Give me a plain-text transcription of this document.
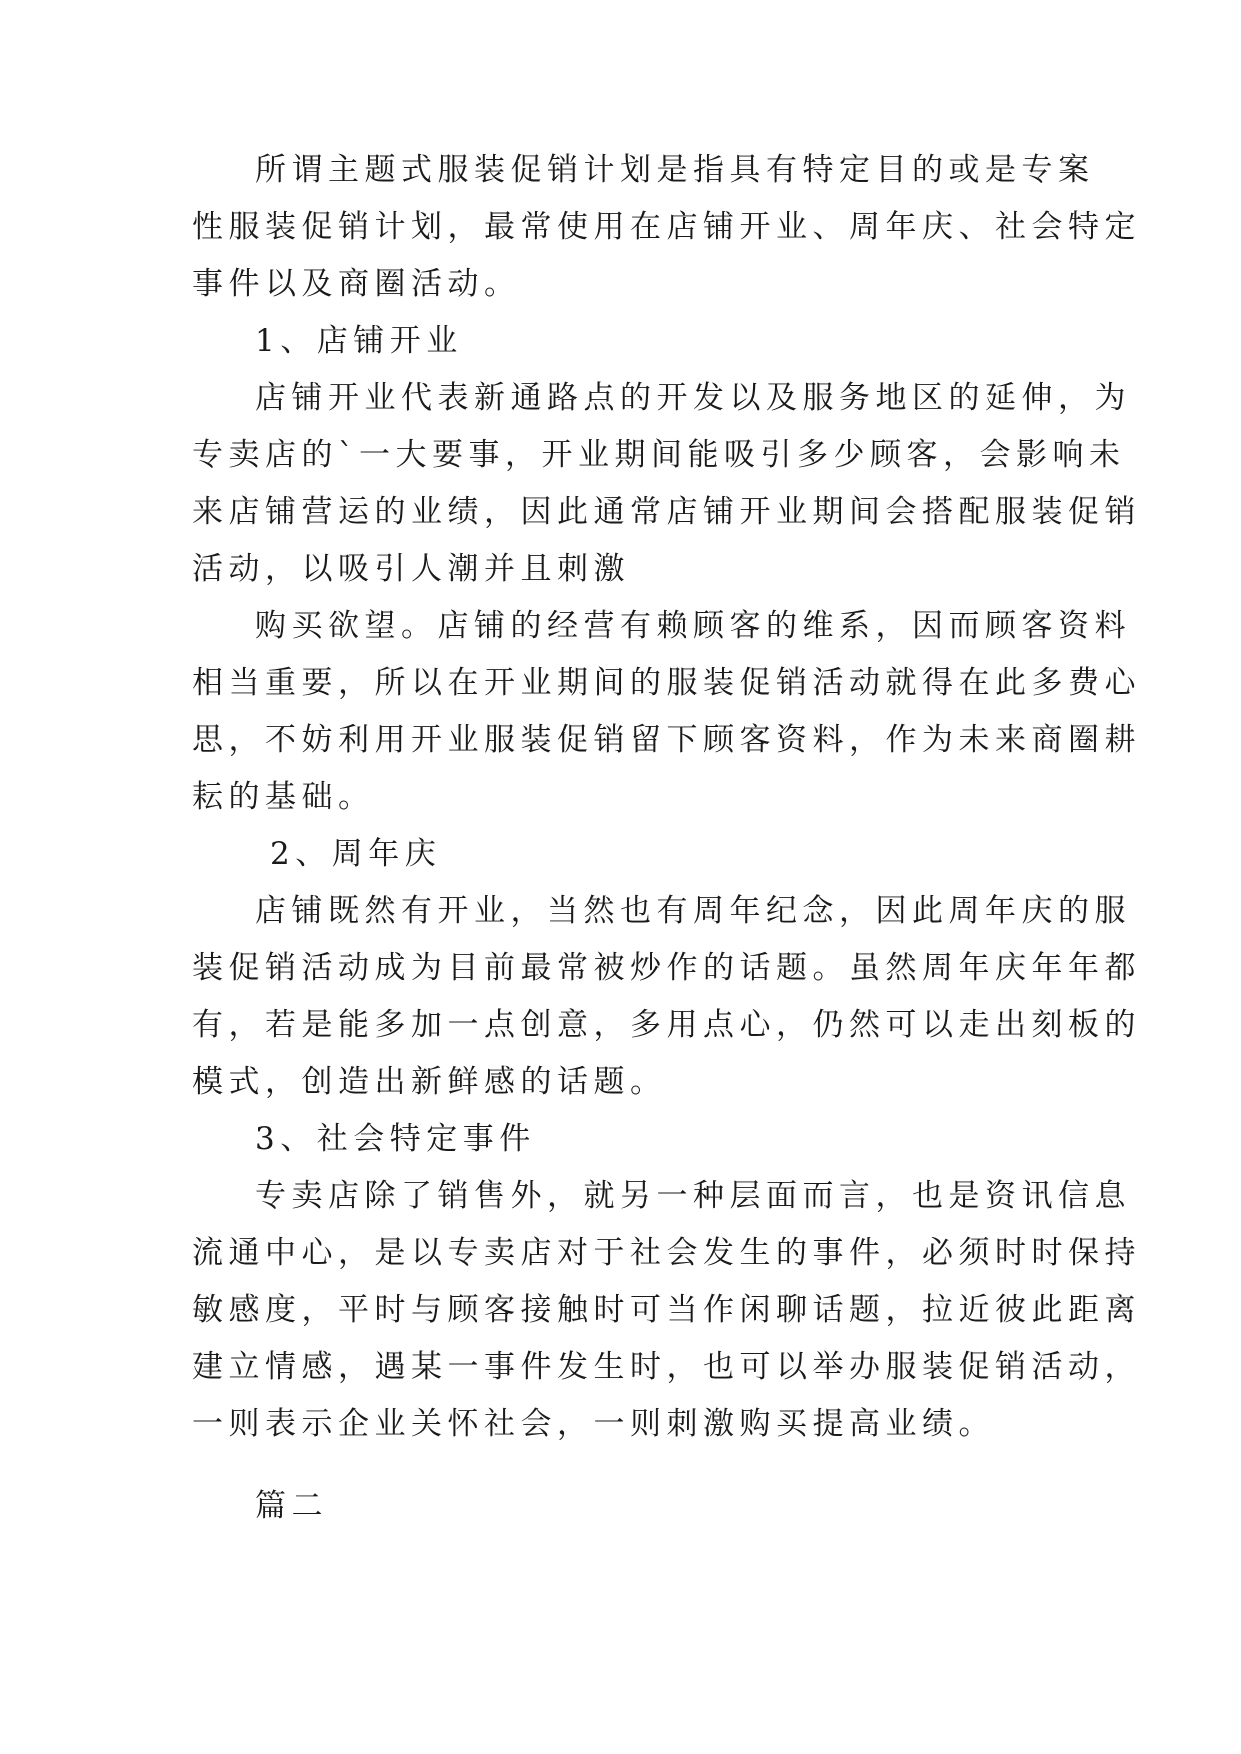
所谓主题式服装促销计划是指具有特定目的或是专案

性服装促销计划，最常使用在店铺开业、周年庆、社会特定

事件以及商圈活动。

1、店铺开业

店铺开业代表新通路点的开发以及服务地区的延伸，为

专卖店的`一大要事，开业期间能吸引多少顾客，会影响未

来店铺营运的业绩，因此通常店铺开业期间会搭配服装促销

活动，以吸引人潮并且刺激

购买欲望。店铺的经营有赖顾客的维系，因而顾客资料

相当重要，所以在开业期间的服装促销活动就得在此多费心

思，不妨利用开业服装促销留下顾客资料，作为未来商圈耕

耘的基础。

2、周年庆

店铺既然有开业，当然也有周年纪念，因此周年庆的服

装促销活动成为目前最常被炒作的话题。虽然周年庆年年都

有，若是能多加一点创意，多用点心，仍然可以走出刻板的

模式，创造出新鲜感的话题。

3、社会特定事件

专卖店除了销售外，就另一种层面而言，也是资讯信息

流通中心，是以专卖店对于社会发生的事件，必须时时保持

敏感度，平时与顾客接触时可当作闲聊话题，拉近彼此距离

建立情感，遇某一事件发生时，也可以举办服装促销活动，

一则表示企业关怀社会，一则刺激购买提高业绩。

篇二
